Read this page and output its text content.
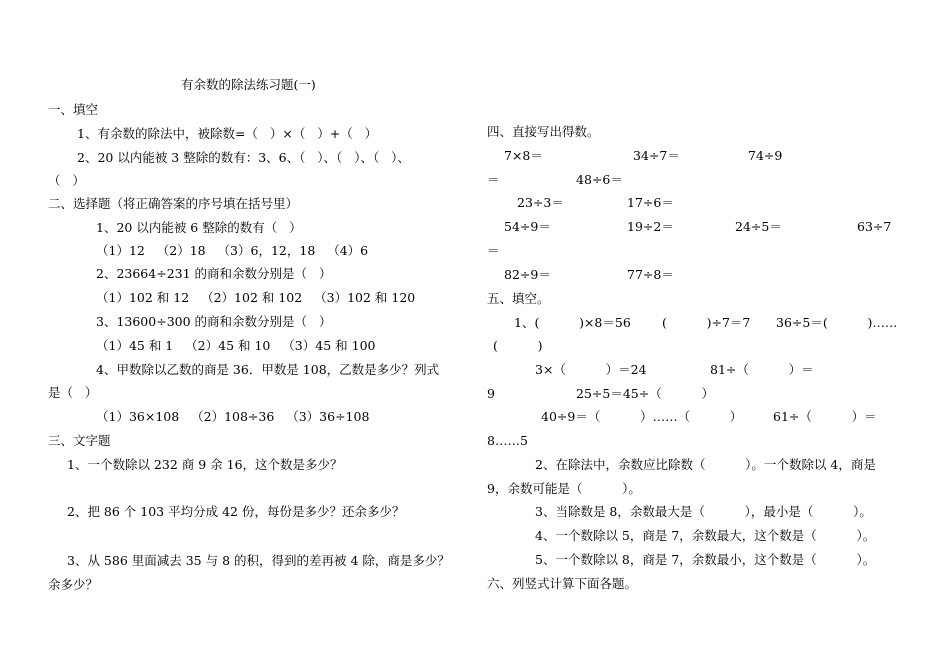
有余数的除法练习题(一)
一、填空
1、有余数的除法中，被除数=（   ）×（   ）+（   ）
2、20 以内能被 3 整除的数有：3、6、（   ）、（   ）、（   ）、
（   ）
二、选择题（将正确答案的序号填在括号里）
1、20 以内能被 6 整除的数有（   ）
（1）12   （2）18   （3）6，12，18   （4）6
2、23664÷231 的商和余数分别是（   ）
（1）102 和 12   （2）102 和 102   （3）102 和 120
3、13600÷300 的商和余数分别是（   ）
（1）45 和 1   （2）45 和 10   （3）45 和 100
4、甲数除以乙数的商是 36．甲数是 108，乙数是多少？列式
是（   ）
（1）36×108   （2）108÷36   （3）36÷108
三、文字题
1、一个数除以 232 商 9 余 16，这个数是多少？
2、把 86 个 103 平均分成 42 份，每份是多少？还余多少？
3、从 586 里面减去 35 与 8 的积，得到的差再被 4 除，商是多少？
余多少？
四、直接写出得数。
7×8＝	34÷7＝	74÷9
＝	48÷6＝
23÷3＝	17÷6＝
54÷9＝	19÷2＝	24÷5＝	63÷7
＝
82÷9＝	77÷8＝
五、填空。
1、(          )×8＝56 (          )÷7＝7 36÷5＝(          )……
(          )
3×（          ）＝24	81÷（          ）＝
9	25÷5＝45÷（          ）
40÷9＝（          ）……（          ） 61÷（          ）＝
8……5
2、在除法中，余数应比除数（          ）。一个数除以 4，商是
9，余数可能是（          ）。
3、当除数是 8，余数最大是（          ），最小是（          ）。
4、一个数除以 5，商是 7，余数最大，这个数是（          ）。
5、一个数除以 8，商是 7，余数最小，这个数是（          ）。
六、列竖式计算下面各题。
